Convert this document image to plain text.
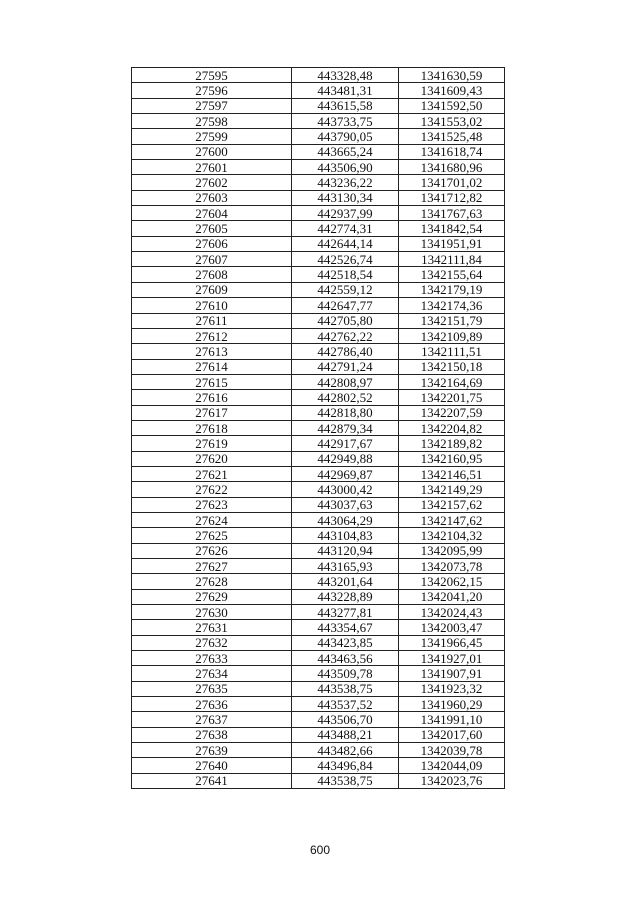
27595	443328,48	1341630,59
27596	443481,31	1341609,43
27597	443615,58	1341592,50
27598	443733,75	1341553,02
27599	443790,05	1341525,48
27600	443665,24	1341618,74
27601	443506,90	1341680,96
27602	443236,22	1341701,02
27603	443130,34	1341712,82
27604	442937,99	1341767,63
27605	442774,31	1341842,54
27606	442644,14	1341951,91
27607	442526,74	1342111,84
27608	442518,54	1342155,64
27609	442559,12	1342179,19
27610	442647,77	1342174,36
27611	442705,80	1342151,79
27612	442762,22	1342109,89
27613	442786,40	1342111,51
27614	442791,24	1342150,18
27615	442808,97	1342164,69
27616	442802,52	1342201,75
27617	442818,80	1342207,59
27618	442879,34	1342204,82
27619	442917,67	1342189,82
27620	442949,88	1342160,95
27621	442969,87	1342146,51
27622	443000,42	1342149,29
27623	443037,63	1342157,62
27624	443064,29	1342147,62
27625	443104,83	1342104,32
27626	443120,94	1342095,99
27627	443165,93	1342073,78
27628	443201,64	1342062,15
27629	443228,89	1342041,20
27630	443277,81	1342024,43
27631	443354,67	1342003,47
27632	443423,85	1341966,45
27633	443463,56	1341927,01
27634	443509,78	1341907,91
27635	443538,75	1341923,32
27636	443537,52	1341960,29
27637	443506,70	1341991,10
27638	443488,21	1342017,60
27639	443482,66	1342039,78
27640	443496,84	1342044,09
27641	443538,75	1342023,76
600
